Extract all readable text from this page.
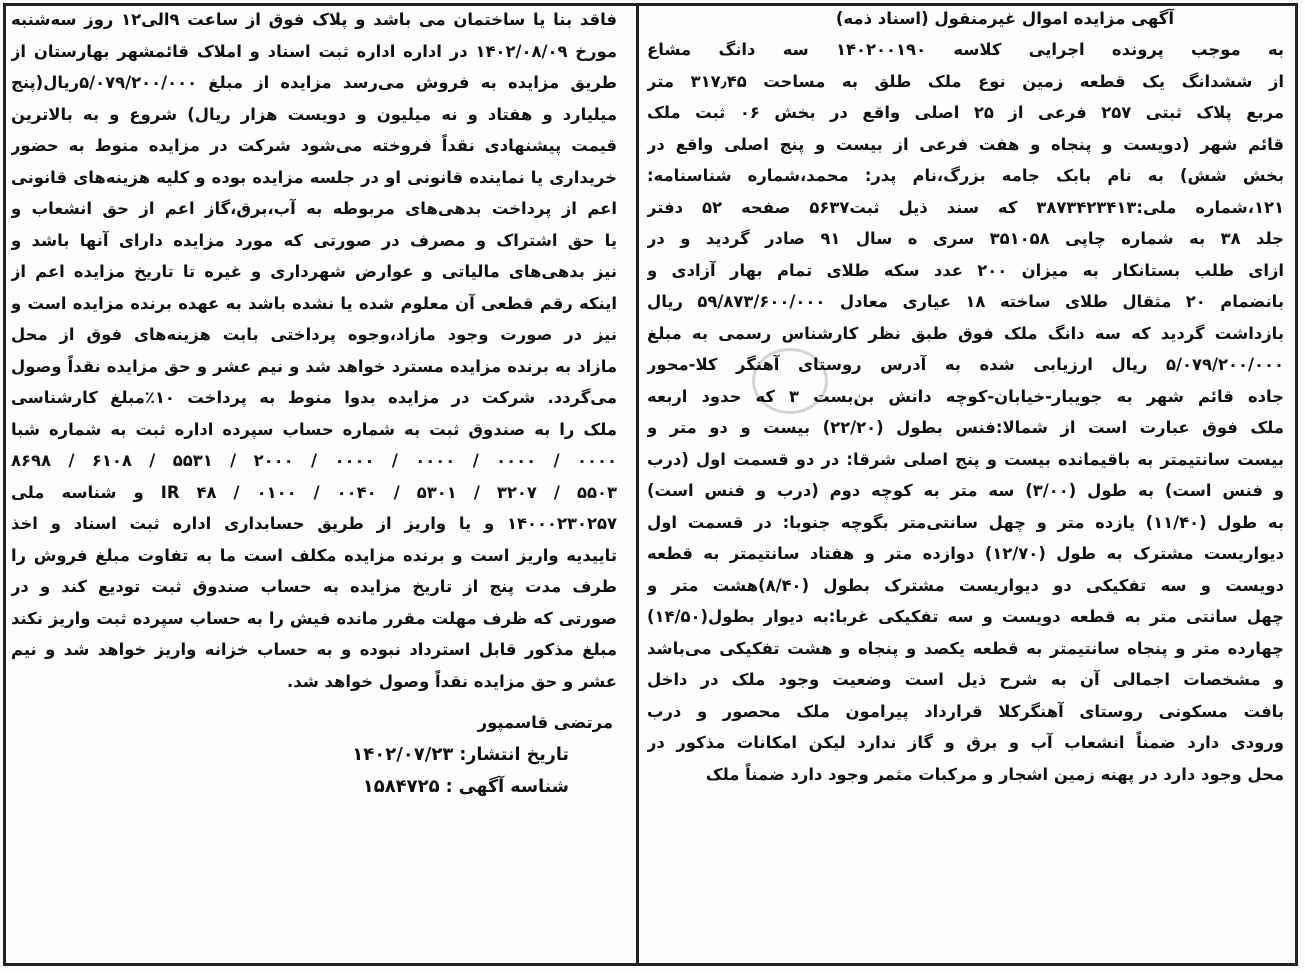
آگهی مزایده اموال غیرمنقول (اسناد ذمه)
به موجب پرونده اجرایی کلاسه ۱۴۰۲۰۰۱۹۰ سه دانگ مشاع
از ششدانگ یک قطعه زمین نوع ملک طلق به مساحت ۳۱۷٫۴۵ متر
مربع پلاک ثبتی ۲۵۷ فرعی از ۲۵ اصلی واقع در بخش ۰۶ ثبت ملک
قائم شهر (دویست و پنجاه و هفت فرعی از بیست و پنج اصلی واقع در
بخش شش) به نام بابک جامه بزرگ،نام پدر: محمد،شماره شناسنامه:
۱۲۱،شماره ملی:۳۸۷۳۴۲۳۴۱۳ که سند ذیل ثبت۵۶۳۷ صفحه ۵۲ دفتر
جلد ۳۸ به شماره چاپی ۳۵۱۰۵۸ سری ه سال ۹۱ صادر گردید و در
ازای طلب بستانکار به میزان ۲۰۰ عدد سکه طلای تمام بهار آزادی و
بانضمام ۲۰ مثقال طلای ساخته ۱۸ عیاری معادل ۵۹/۸۷۳/۶۰۰/۰۰۰ ریال
بازداشت گردید که سه دانگ ملک فوق طبق نظر کارشناس رسمی به مبلغ
۵/۰۷۹/۲۰۰/۰۰۰ ریال ارزیابی شده به آدرس روستای آهنگر کلا-محور
جاده قائم شهر به جویبار-خیابان-کوچه دانش بن‌بست ۳ که حدود اربعه
ملک فوق عبارت است از شمالا:فنس بطول (۲۲/۲۰) بیست و دو متر و
بیست سانتیمتر به باقیمانده بیست و پنج اصلی شرقا: در دو قسمت اول (درب
و فنس است) به طول (۳/۰۰) سه متر به کوچه دوم (درب و فنس است)
به طول (۱۱/۴۰) یازده متر و چهل سانتی‌متر بگوچه جنوبا: در قسمت اول
دیواریست مشترک به طول (۱۲/۷۰) دوازده متر و هفتاد سانتیمتر به قطعه
دویست و سه تفکیکی دو دیواریست مشترک بطول (۸/۴۰)هشت متر و
چهل سانتی متر به قطعه دویست و سه تفکیکی غربا:به دیوار بطول(۱۴/۵۰)
چهارده متر و پنجاه سانتیمتر به قطعه یکصد و پنجاه و هشت تفکیکی می‌باشد
و مشخصات اجمالی آن به شرح ذیل است وضعیت وجود ملک در داخل
بافت مسکونی روستای آهنگرکلا قرارداد پیرامون ملک محصور و درب
ورودی دارد ضمناً انشعاب آب و برق و گاز ندارد لیکن امکانات مذکور در
محل وجود دارد در پهنه زمین اشجار و مرکبات مثمر وجود دارد ضمناً ملک
فاقد بنا یا ساختمان می باشد و پلاک فوق از ساعت ۹الی۱۲ روز سه‌شنبه
مورخ ۱۴۰۲/۰۸/۰۹ در اداره اداره ثبت اسناد و املاک قائمشهر بهارستان از
طریق مزایده به فروش می‌رسد مزایده از مبلغ ۵/۰۷۹/۲۰۰/۰۰۰ریال(پنج
میلیارد و هفتاد و نه میلیون و دویست هزار ریال) شروع و به بالاترین
قیمت پیشنهادی نقداً فروخته می‌شود شرکت در مزایده منوط به حضور
خریداری یا نماینده قانونی او در جلسه مزایده بوده و کلیه هزینه‌های قانونی
اعم از پرداخت بدهی‌های مربوطه به آب،برق،گاز اعم از حق انشعاب و
یا حق اشتراک و مصرف در صورتی که مورد مزایده دارای آنها باشد و
نیز بدهی‌های مالیاتی و عوارض شهرداری و غیره تا تاریخ مزایده اعم از
اینکه رقم قطعی آن معلوم شده یا نشده باشد به عهده برنده مزایده است و
نیز در صورت وجود مازاد،وجوه پرداختی بابت هزینه‌های فوق از محل
مازاد به برنده مزایده مسترد خواهد شد و نیم عشر و حق مزایده نقداً وصول
می‌گردد. شرکت در مزایده بدوا منوط به پرداخت ۱۰٪مبلغ کارشناسی
ملک را به صندوق ثبت به شماره حساب سپرده اداره ثبت به شماره شبا
۰۰۰۰ / ۰۰۰۰ / ۰۰۰۰ / ۰۰۰۰ / ۲۰۰۰ / ۵۵۳۱ / ۶۱۰۸ / ۸۶۹۸
۵۵۰۳ / ۳۲۰۷ / ۵۳۰۱ / ۰۰۴۰ / ۰۱۰۰ / IR ۴۸ و شناسه ملی
۱۴۰۰۰۲۳۰۲۵۷ و یا واریز از طریق حسابداری اداره ثبت اسناد و اخذ
تاییدیه واریز است و برنده مزایده مکلف است ما به تفاوت مبلغ فروش را
طرف مدت پنج از تاریخ مزایده به حساب صندوق ثبت تودیع کند و در
صورتی که ظرف مهلت مقرر مانده فیش را به حساب سپرده ثبت واریز نکند
مبلغ مذکور قابل استرداد نبوده و به حساب خزانه واریز خواهد شد و نیم
عشر و حق مزایده نقداً وصول خواهد شد.
مرتضی قاسمپور
تاریخ انتشار:۱۴۰۲/۰۷/۲۳
شناسه آگهی :۱۵۸۴۷۲۵
